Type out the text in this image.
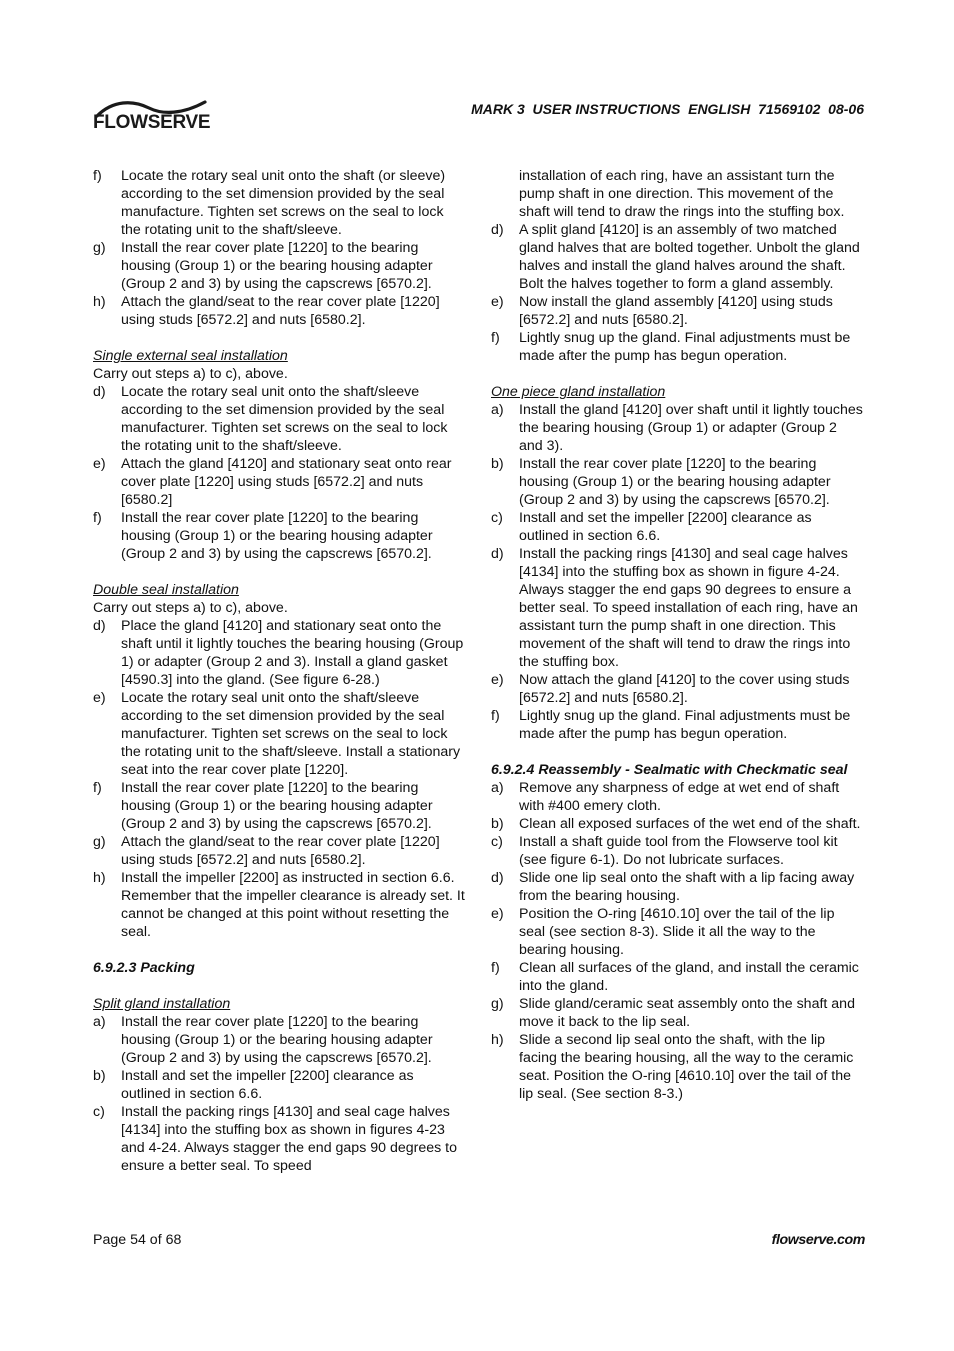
FLOWSERVE
MARK 3  USER INSTRUCTIONS  ENGLISH  71569102  08-06
f)	Locate the rotary seal unit onto the shaft (or sleeve) according to the set dimension provided by the seal manufacture. Tighten set screws on the seal to lock the rotating unit to the shaft/sleeve.
g)	Install the rear cover plate [1220] to the bearing housing (Group 1) or the bearing housing adapter (Group 2 and 3) by using the capscrews [6570.2].
h)	Attach the gland/seat to the rear cover plate [1220] using studs [6572.2] and nuts [6580.2].
Single external seal installation
Carry out steps a) to c), above.
d)	Locate the rotary seal unit onto the shaft/sleeve according to the set dimension provided by the seal manufacturer. Tighten set screws on the seal to lock the rotating unit to the shaft/sleeve.
e)	Attach the gland [4120] and stationary seat onto rear cover plate [1220] using studs [6572.2] and nuts [6580.2]
f)	Install the rear cover plate [1220] to the bearing housing (Group 1) or the bearing housing adapter (Group 2 and 3) by using the capscrews [6570.2].
Double seal installation
Carry out steps a) to c), above.
d)	Place the gland [4120] and stationary seat onto the shaft until it lightly touches the bearing housing (Group 1) or adapter (Group 2 and 3). Install a gland gasket [4590.3] into the gland. (See figure 6-28.)
e)	Locate the rotary seal unit onto the shaft/sleeve according to the set dimension provided by the seal manufacturer. Tighten set screws on the seal to lock the rotating unit to the shaft/sleeve. Install a stationary seat into the rear cover plate [1220].
f)	Install the rear cover plate [1220] to the bearing housing (Group 1) or the bearing housing adapter (Group 2 and 3) by using the capscrews [6570.2].
g)	Attach the gland/seat to the rear cover plate [1220] using studs [6572.2] and nuts [6580.2].
h)	Install the impeller [2200] as instructed in section 6.6. Remember that the impeller clearance is already set. It cannot be changed at this point without resetting the seal.
6.9.2.3 Packing
Split gland installation
a)	Install the rear cover plate [1220] to the bearing housing (Group 1) or the bearing housing adapter (Group 2 and 3) by using the capscrews [6570.2].
b)	Install and set the impeller [2200] clearance as outlined in section 6.6.
c)	Install the packing rings [4130] and seal cage halves [4134] into the stuffing box as shown in figures 4-23 and 4-24. Always stagger the end gaps 90 degrees to ensure a better seal. To speed
installation of each ring, have an assistant turn the pump shaft in one direction. This movement of the shaft will tend to draw the rings into the stuffing box.
d)	A split gland [4120] is an assembly of two matched gland halves that are bolted together. Unbolt the gland halves and install the gland halves around the shaft. Bolt the halves together to form a gland assembly.
e)	Now install the gland assembly [4120] using studs [6572.2] and nuts [6580.2].
f)	Lightly snug up the gland. Final adjustments must be made after the pump has begun operation.
One piece gland installation
a)	Install the gland [4120] over shaft until it lightly touches the bearing housing (Group 1) or adapter (Group 2 and 3).
b)	Install the rear cover plate [1220] to the bearing housing (Group 1) or the bearing housing adapter (Group 2 and 3) by using the capscrews [6570.2].
c)	Install and set the impeller [2200] clearance as outlined in section 6.6.
d)	Install the packing rings [4130] and seal cage halves [4134] into the stuffing box as shown in figure 4-24. Always stagger the end gaps 90 degrees to ensure a better seal. To speed installation of each ring, have an assistant turn the pump shaft in one direction. This movement of the shaft will tend to draw the rings into the stuffing box.
e)	Now attach the gland [4120] to the cover using studs [6572.2] and nuts [6580.2].
f)	Lightly snug up the gland. Final adjustments must be made after the pump has begun operation.
6.9.2.4 Reassembly - Sealmatic with Checkmatic seal
a)	Remove any sharpness of edge at wet end of shaft with #400 emery cloth.
b)	Clean all exposed surfaces of the wet end of the shaft.
c)	Install a shaft guide tool from the Flowserve tool kit (see figure 6-1). Do not lubricate surfaces.
d)	Slide one lip seal onto the shaft with a lip facing away from the bearing housing.
e)	Position the O-ring [4610.10] over the tail of the lip seal (see section 8-3). Slide it all the way to the bearing housing.
f)	Clean all surfaces of the gland, and install the ceramic into the gland.
g)	Slide gland/ceramic seat assembly onto the shaft and move it back to the lip seal.
h)	Slide a second lip seal onto the shaft, with the lip facing the bearing housing, all the way to the ceramic seat. Position the O-ring [4610.10] over the tail of the lip seal. (See section 8-3.)
Page 54 of 68	flowserve.com
